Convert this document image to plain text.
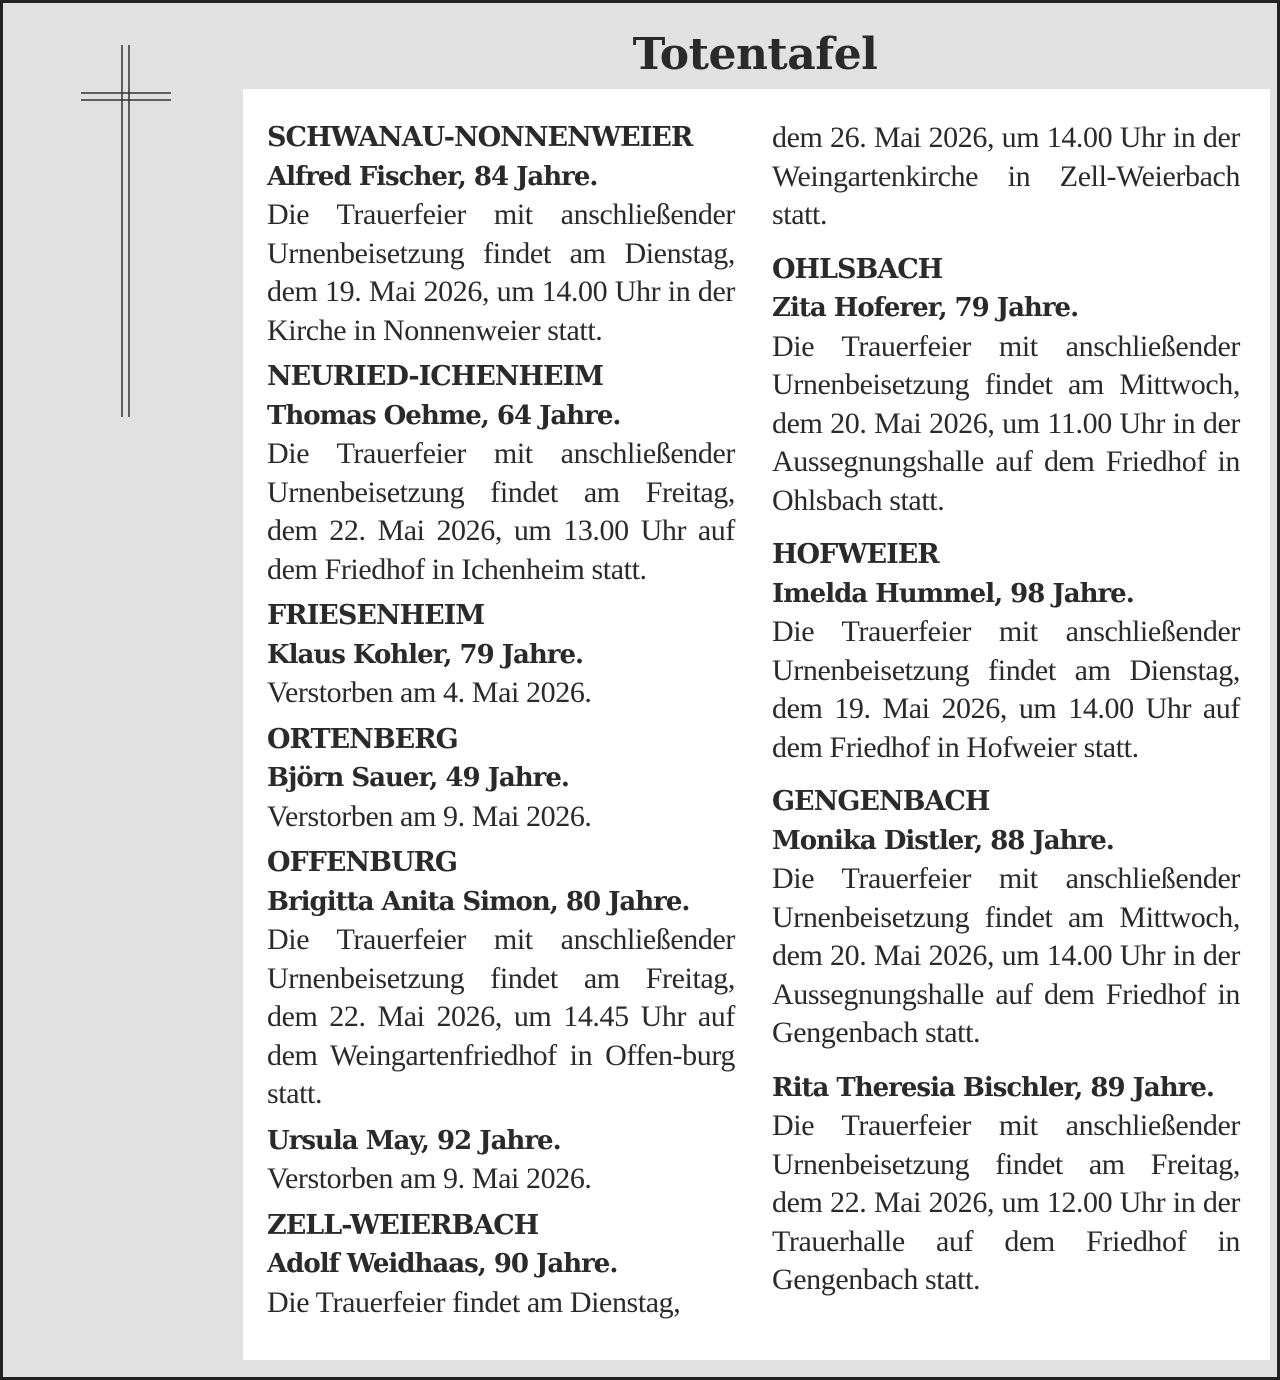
Totentafel
SCHWANAU-NONNENWEIER
Alfred Fischer, 84 Jahre.
Die Trauerfeier mit anschließender Urnenbeisetzung findet am Dienstag, dem 19. Mai 2026, um 14.00 Uhr in der Kirche in Nonnenweier statt.
NEURIED-ICHENHEIM
Thomas Oehme, 64 Jahre.
Die Trauerfeier mit anschließender Urnenbeisetzung findet am Freitag, dem 22. Mai 2026, um 13.00 Uhr auf dem Friedhof in Ichenheim statt.
FRIESENHEIM
Klaus Kohler, 79 Jahre.
Verstorben am 4. Mai 2026.
ORTENBERG
Björn Sauer, 49 Jahre.
Verstorben am 9. Mai 2026.
OFFENBURG
Brigitta Anita Simon, 80 Jahre.
Die Trauerfeier mit anschließender Urnenbeisetzung findet am Freitag, dem 22. Mai 2026, um 14.45 Uhr auf dem Weingartenfriedhof in Offen-burg statt.
Ursula May, 92 Jahre.
Verstorben am 9. Mai 2026.
ZELL-WEIERBACH
Adolf Weidhaas, 90 Jahre.
Die Trauerfeier findet am Dienstag,
dem 26. Mai 2026, um 14.00 Uhr in der Weingartenkirche in Zell-Weierbach statt.
OHLSBACH
Zita Hoferer, 79 Jahre.
Die Trauerfeier mit anschließender Urnenbeisetzung findet am Mittwoch, dem 20. Mai 2026, um 11.00 Uhr in der Aussegnungshalle auf dem Friedhof in Ohlsbach statt.
HOFWEIER
Imelda Hummel, 98 Jahre.
Die Trauerfeier mit anschließender Urnenbeisetzung findet am Dienstag, dem 19. Mai 2026, um 14.00 Uhr auf dem Friedhof in Hofweier statt.
GENGENBACH
Monika Distler, 88 Jahre.
Die Trauerfeier mit anschließender Urnenbeisetzung findet am Mittwoch, dem 20. Mai 2026, um 14.00 Uhr in der Aussegnungshalle auf dem Friedhof in Gengenbach statt.
Rita Theresia Bischler, 89 Jahre.
Die Trauerfeier mit anschließender Urnenbeisetzung findet am Freitag, dem 22. Mai 2026, um 12.00 Uhr in der Trauerhalle auf dem Friedhof in Gengenbach statt.
